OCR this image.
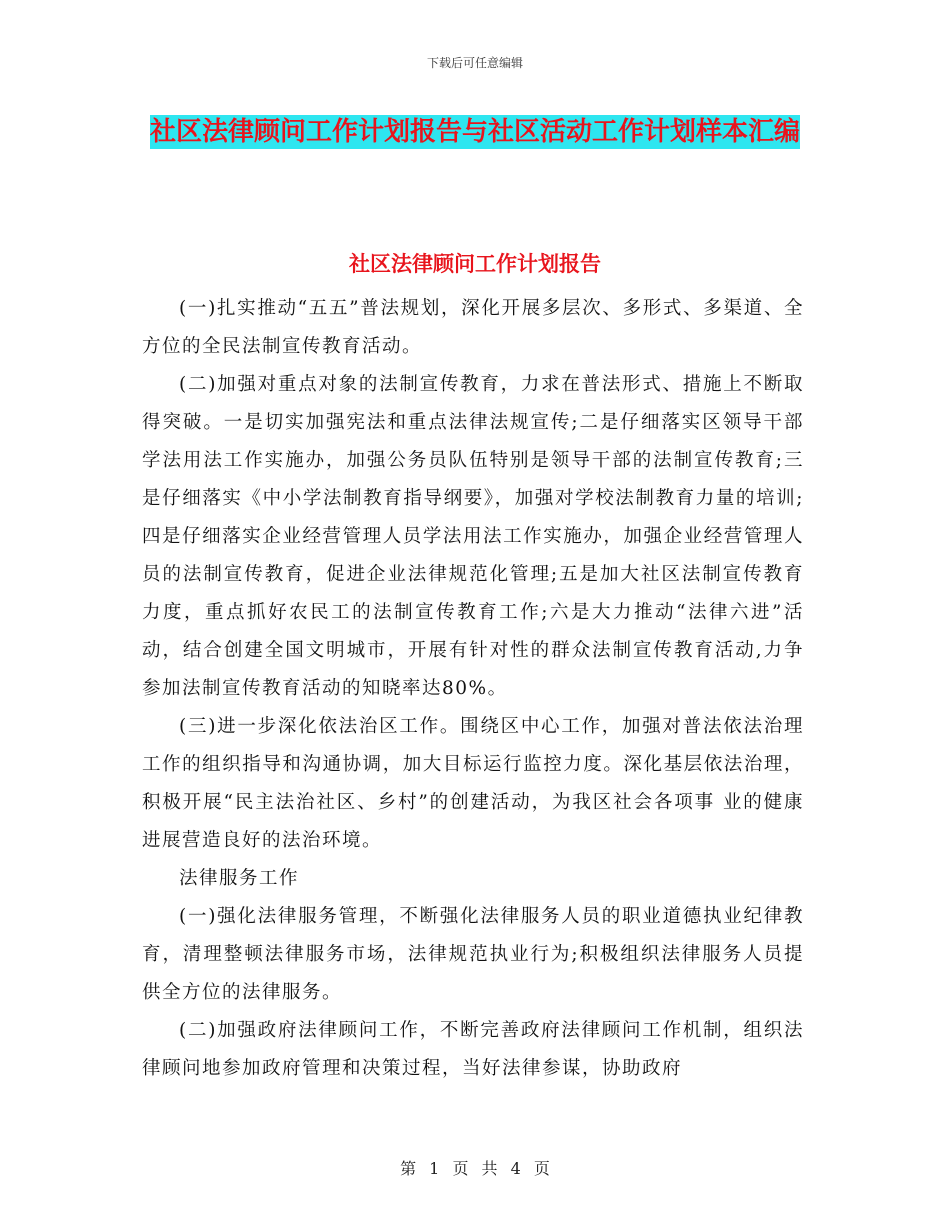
下载后可任意编辑
社区法律顾问工作计划报告与社区活动工作计划样本汇编
社区法律顾问工作计划报告

(一)扎实推动“五五”普法规划，深化开展多层次、多形式、多渠道、全方位的全民法制宣传教育活动。

(二)加强对重点对象的法制宣传教育，力求在普法形式、措施上不断取得突破。一是切实加强宪法和重点法律法规宣传;二是仔细落实区领导干部学法用法工作实施办，加强公务员队伍特别是领导干部的法制宣传教育;三是仔细落实《中小学法制教育指导纲要》，加强对学校法制教育力量的培训;四是仔细落实企业经营管理人员学法用法工作实施办，加强企业经营管理人员的法制宣传教育，促进企业法律规范化管理;五是加大社区法制宣传教育力度，重点抓好农民工的法制宣传教育工作;六是大力推动“法律六进”活动，结合创建全国文明城市，开展有针对性的群众法制宣传教育活动,力争参加法制宣传教育活动的知晓率达80%。

(三)进一步深化依法治区工作。围绕区中心工作，加强对普法依法治理工作的组织指导和沟通协调，加大目标运行监控力度。深化基层依法治理，积极开展“民主法治社区、乡村”的创建活动，为我区社会各项事 业的健康进展营造良好的法治环境。

法律服务工作

(一)强化法律服务管理，不断强化法律服务人员的职业道德执业纪律教育，清理整顿法律服务市场，法律规范执业行为;积极组织法律服务人员提供全方位的法律服务。

(二)加强政府法律顾问工作，不断完善政府法律顾问工作机制，组织法律顾问地参加政府管理和决策过程，当好法律参谋，协助政府

第 1 页 共 4 页
